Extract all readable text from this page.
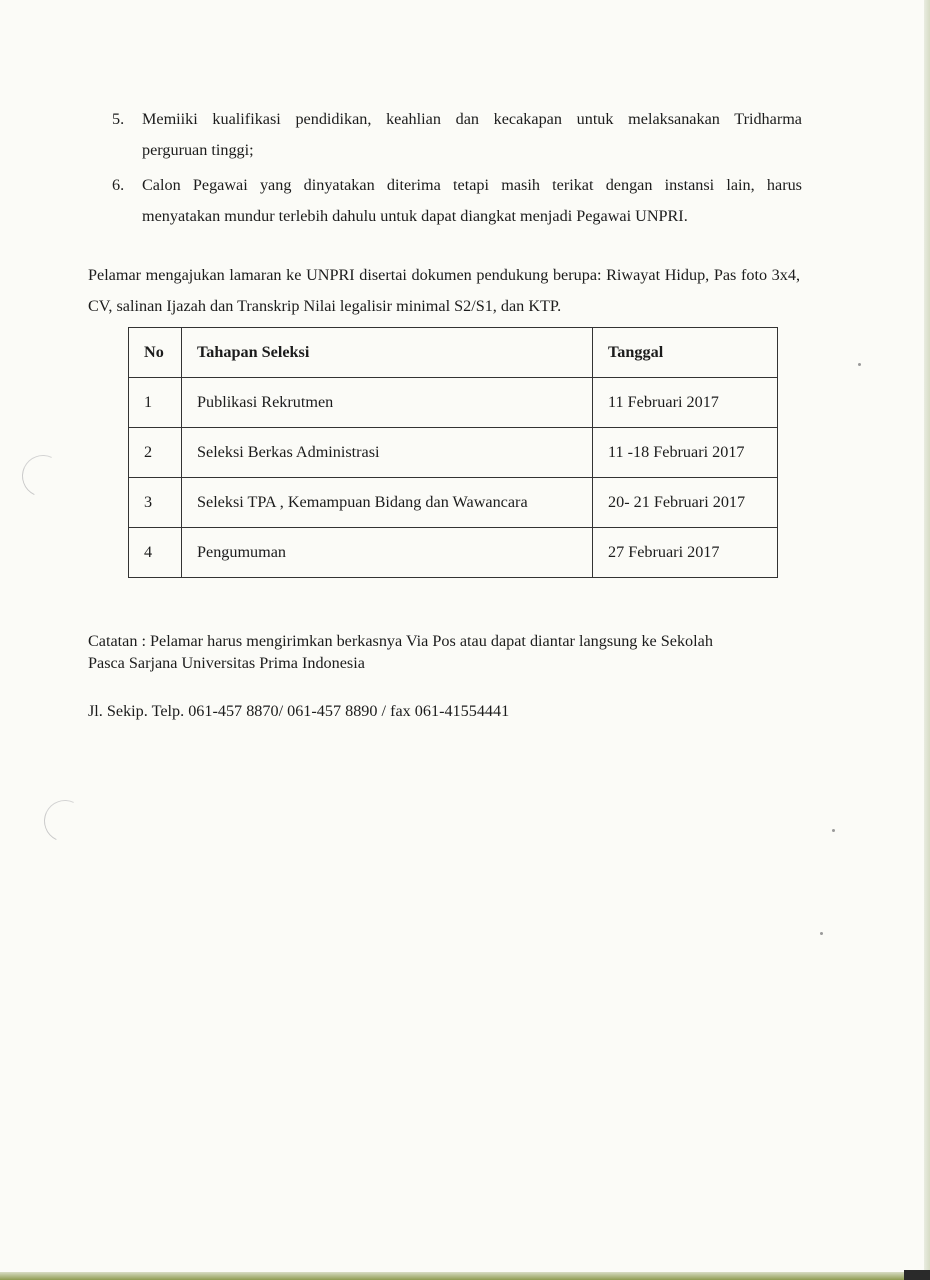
5. Memiiki kualifikasi pendidikan, keahlian dan kecakapan untuk melaksanakan Tridharma
perguruan tinggi;
6. Calon Pegawai yang dinyatakan diterima tetapi masih terikat dengan instansi lain, harus
menyatakan mundur terlebih dahulu untuk dapat diangkat menjadi Pegawai UNPRI.

Pelamar mengajukan lamaran ke UNPRI disertai dokumen pendukung berupa: Riwayat Hidup, Pas foto 3x4, CV, salinan Ijazah dan Transkrip Nilai legalisir minimal S2/S1, dan KTP.

No	Tahapan Seleksi	Tanggal
1	Publikasi Rekrutmen	11 Februari 2017
2	Seleksi Berkas Administrasi	11 -18 Februari 2017
3	Seleksi TPA , Kemampuan Bidang dan Wawancara	20- 21 Februari 2017
4	Pengumuman	27 Februari 2017
Catatan : Pelamar harus mengirimkan berkasnya Via Pos atau dapat diantar langsung ke Sekolah
Pasca Sarjana Universitas Prima Indonesia
Jl. Sekip. Telp. 061-457 8870/ 061-457 8890 / fax 061-41554441
